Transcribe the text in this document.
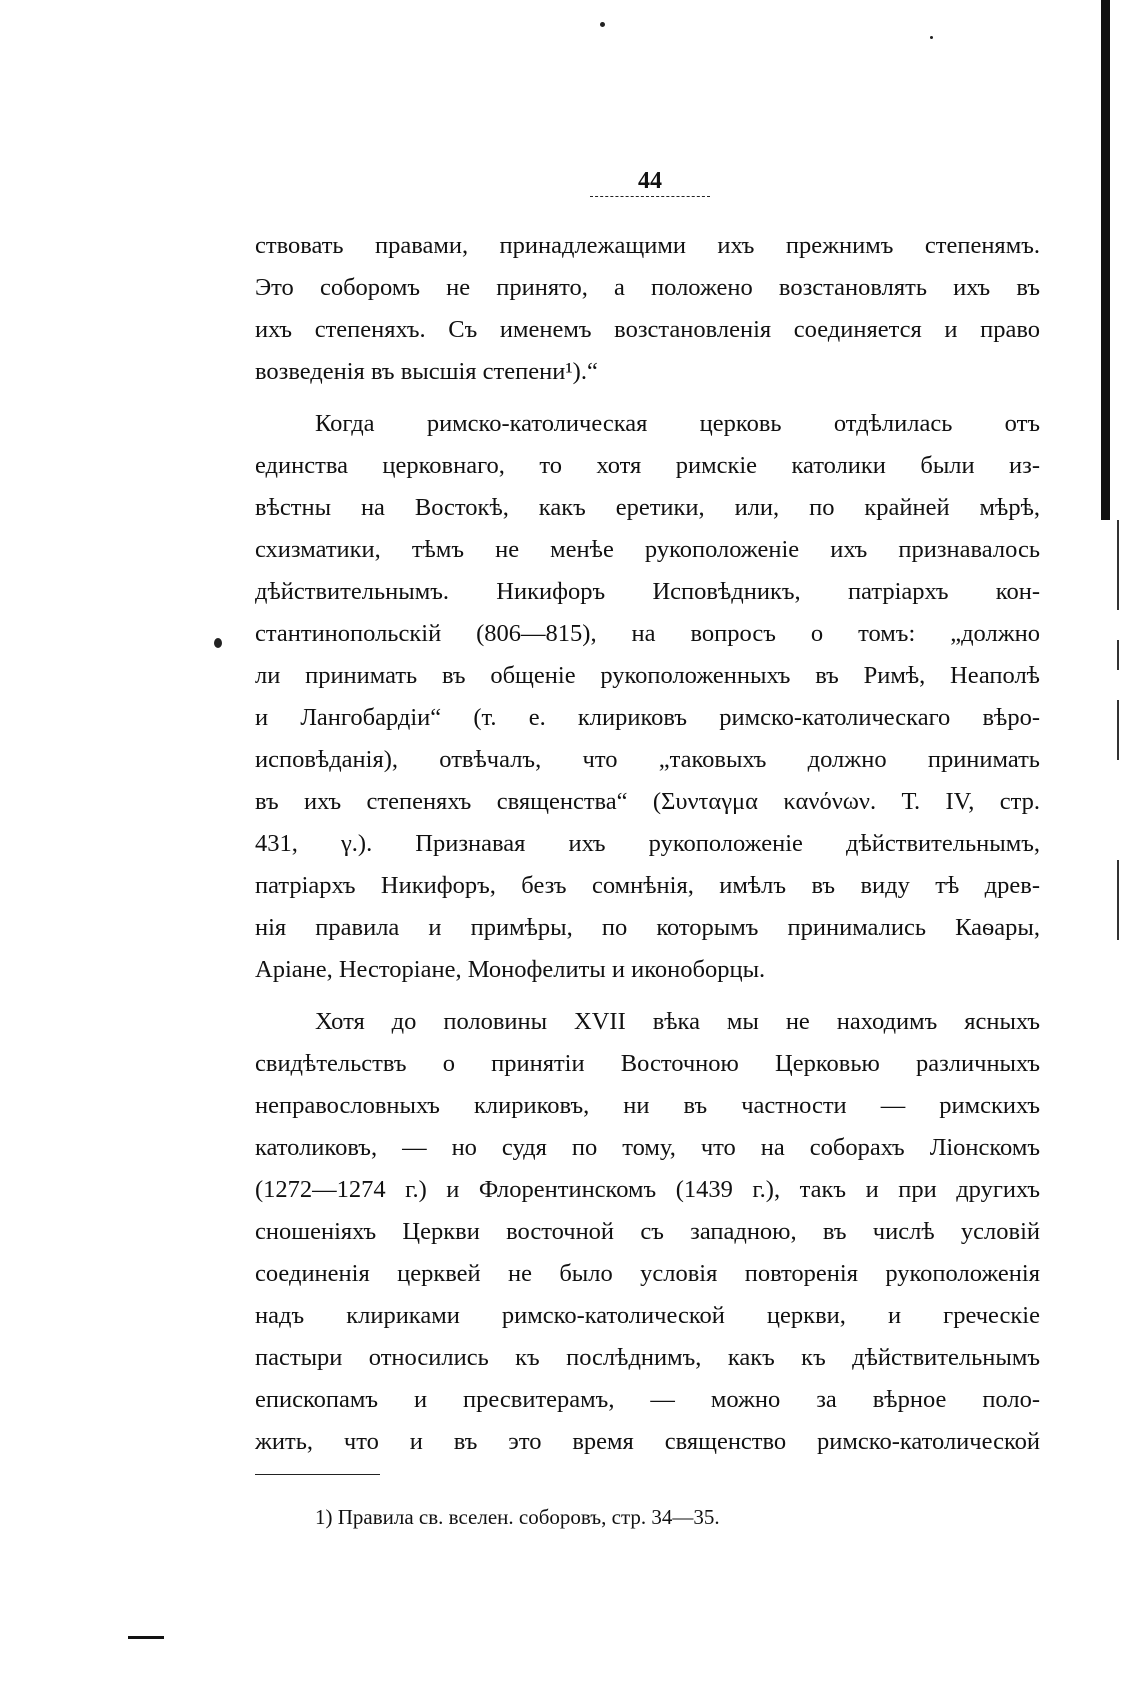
44

ствовать правами, принадлежащими ихъ прежнимъ степенямъ.

Это соборомъ не принято, а положено возстановлять ихъ въ

ихъ степеняхъ. Съ именемъ возстановленія соединяется и право

возведенія въ высшія степени¹).“

Когда римско-католическая церковь отдѣлилась отъ

единства церковнаго, то хотя римскіе католики были из-

вѣстны на Востокѣ, какъ еретики, или, по крайней мѣрѣ,

схизматики, тѣмъ не менѣе рукоположеніе ихъ признавалось

дѣйствительнымъ. Никифоръ Исповѣдникъ, патріархъ кон-

стантинопольскій (806—815), на вопросъ о томъ: „должно

ли принимать въ общеніе рукоположенныхъ въ Римѣ, Неаполѣ

и Лангобардіи“ (т. е. клириковъ римско-католическаго вѣро-

исповѣданія), отвѣчалъ, что „таковыхъ должно принимать

въ ихъ степеняхъ священства“ (Συνταγμα κανόνων. Т. IV, стр.

431, γ.). Признавая ихъ рукоположеніе дѣйствительнымъ,

патріархъ Никифоръ, безъ сомнѣнія, имѣлъ въ виду тѣ древ-

нія правила и примѣры, по которымъ принимались Каѳары,

Аріане, Несторіане, Монофелиты и иконоборцы.

Хотя до половины XVII вѣка мы не находимъ ясныхъ

свидѣтельствъ о принятіи Восточною Церковью различныхъ

неправословныхъ клириковъ, ни въ частности — римскихъ

католиковъ, — но судя по тому, что на соборахъ Ліонскомъ

(1272—1274 г.) и Флорентинскомъ (1439 г.), такъ и при другихъ

сношеніяхъ Церкви восточной съ западною, въ числѣ условій

соединенія церквей не было условія повторенія рукоположенія

надъ клириками римско-католической церкви, и греческіе

пастыри относились къ послѣднимъ, какъ къ дѣйствительнымъ

епископамъ и пресвитерамъ, — можно за вѣрное поло-

жить, что и въ это время священство римско-католической

1) Правила св. вселен. соборовъ, стр. 34—35.
